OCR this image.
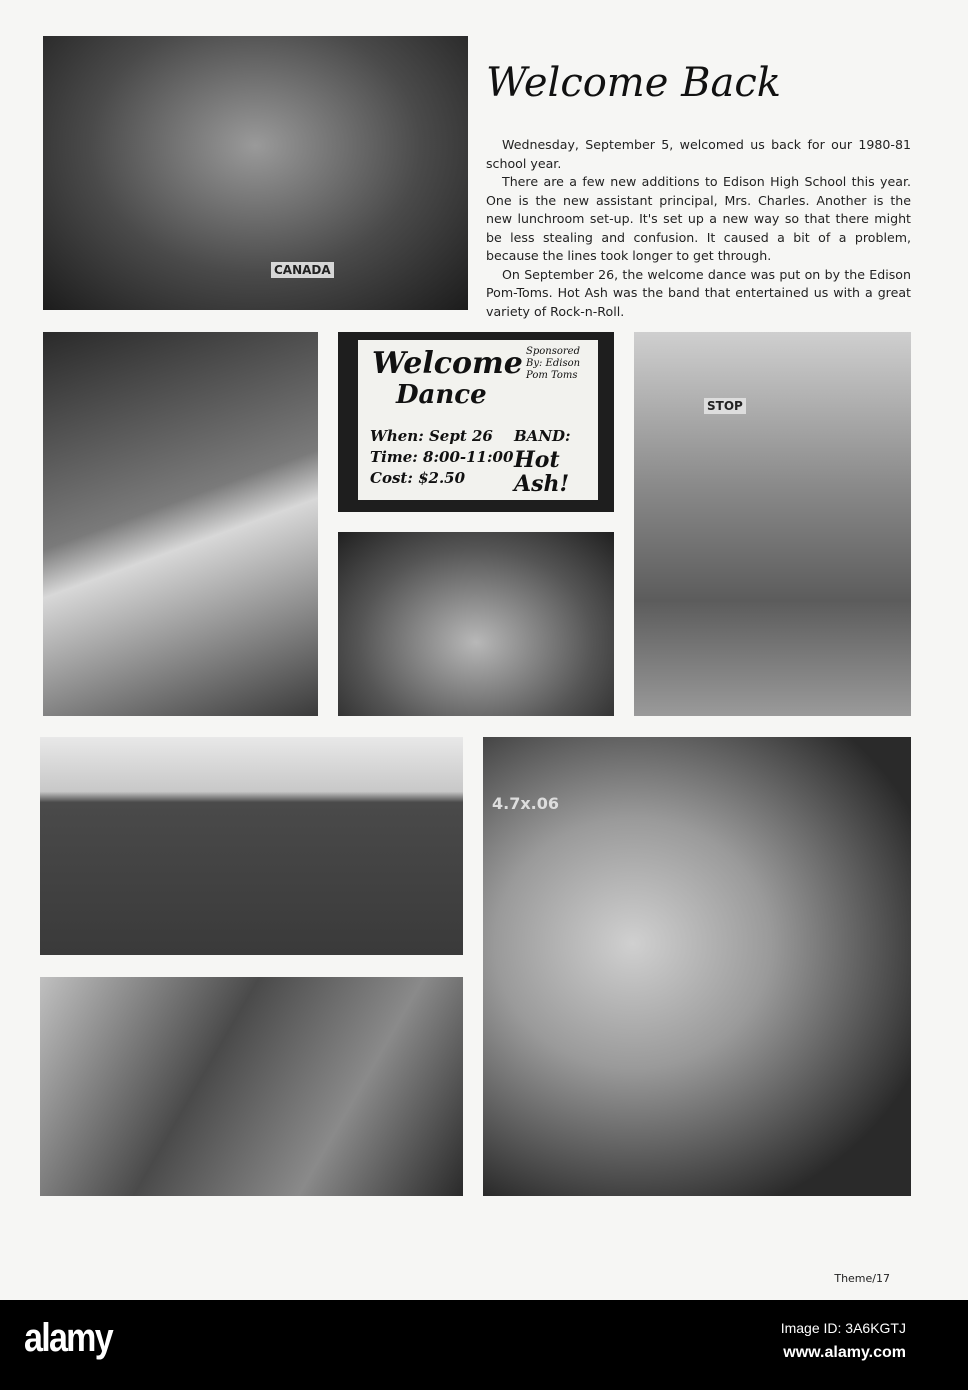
CANADA
Welcome
Dance
Sponsored By: Edison Pom Toms
When: Sept 26
Time: 8:00-11:00
Cost: $2.50
BAND:
Hot Ash!
STOP
4.7x.06
Welcome Back

Wednesday, September 5, welcomed us back for our 1980-81 school year.

There are a few new additions to Edison High School this year. One is the new assistant principal, Mrs. Charles. Another is the new lunchroom set-up. It's set up a new way so that there might be less stealing and confusion. It caused a bit of a problem, because the lines took longer to get through.

On September 26, the welcome dance was put on by the Edison Pom-Toms. Hot Ash was the band that entertained us with a great variety of Rock-n-Roll.

Theme/17
alamy	Image ID: 3A6KGTJ
www.alamy.com
